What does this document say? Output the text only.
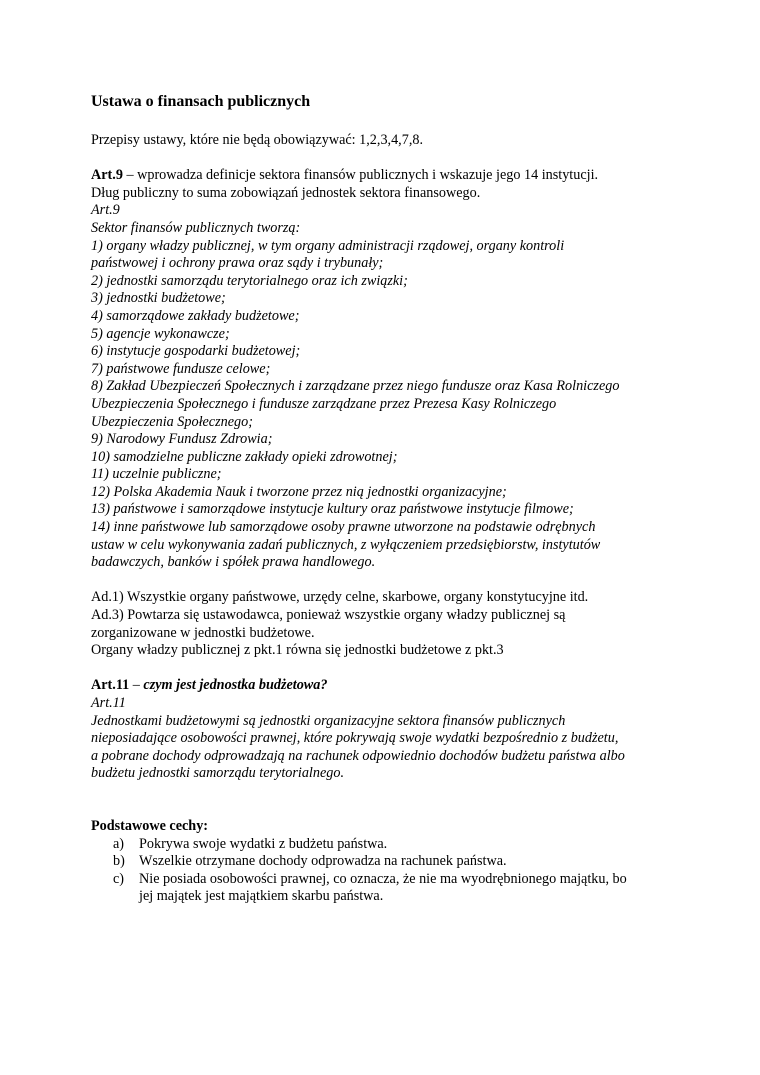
Ustawa o finansach publicznych

Przepisy ustawy, które nie będą obowiązywać: 1,2,3,4,7,8.

Art.9 – wprowadza definicje sektora finansów publicznych i wskazuje jego 14 instytucji.

Dług publiczny to suma zobowiązań jednostek sektora finansowego.

Art.9

Sektor finansów publicznych tworzą:

1) organy władzy publicznej, w tym organy administracji rządowej, organy kontroli

państwowej i ochrony prawa oraz sądy i trybunały;

2) jednostki samorządu terytorialnego oraz ich związki;

3) jednostki budżetowe;

4) samorządowe zakłady budżetowe;

5) agencje wykonawcze;

6) instytucje gospodarki budżetowej;

7) państwowe fundusze celowe;

8) Zakład Ubezpieczeń Społecznych i zarządzane przez niego fundusze oraz Kasa Rolniczego

Ubezpieczenia Społecznego i fundusze zarządzane przez Prezesa Kasy Rolniczego

Ubezpieczenia Społecznego;

9) Narodowy Fundusz Zdrowia;

10) samodzielne publiczne zakłady opieki zdrowotnej;

11) uczelnie publiczne;

12) Polska Akademia Nauk i tworzone przez nią jednostki organizacyjne;

13) państwowe i samorządowe instytucje kultury oraz państwowe instytucje filmowe;

14) inne państwowe lub samorządowe osoby prawne utworzone na podstawie odrębnych

ustaw w celu wykonywania zadań publicznych, z wyłączeniem przedsiębiorstw, instytutów

badawczych, banków i spółek prawa handlowego.

Ad.1) Wszystkie organy państwowe, urzędy celne, skarbowe, organy konstytucyjne itd.

Ad.3) Powtarza się ustawodawca, ponieważ wszystkie organy władzy publicznej są

zorganizowane w jednostki budżetowe.

Organy władzy publicznej z pkt.1 równa się jednostki budżetowe z pkt.3

Art.11 – czym jest jednostka budżetowa?

Art.11

Jednostkami budżetowymi są jednostki organizacyjne sektora finansów publicznych

nieposiadające osobowości prawnej, które pokrywają swoje wydatki bezpośrednio z budżetu,

a pobrane dochody odprowadzają na rachunek odpowiednio dochodów budżetu państwa albo

budżetu jednostki samorządu terytorialnego.

Podstawowe cechy:

a)	Pokrywa swoje wydatki z budżetu państwa.
b) Wszelkie otrzymane dochody odprowadza na rachunek państwa.
c)	Nie posiada osobowości prawnej, co oznacza, że nie ma wyodrębnionego majątku, bo
jej majątek jest majątkiem skarbu państwa.
